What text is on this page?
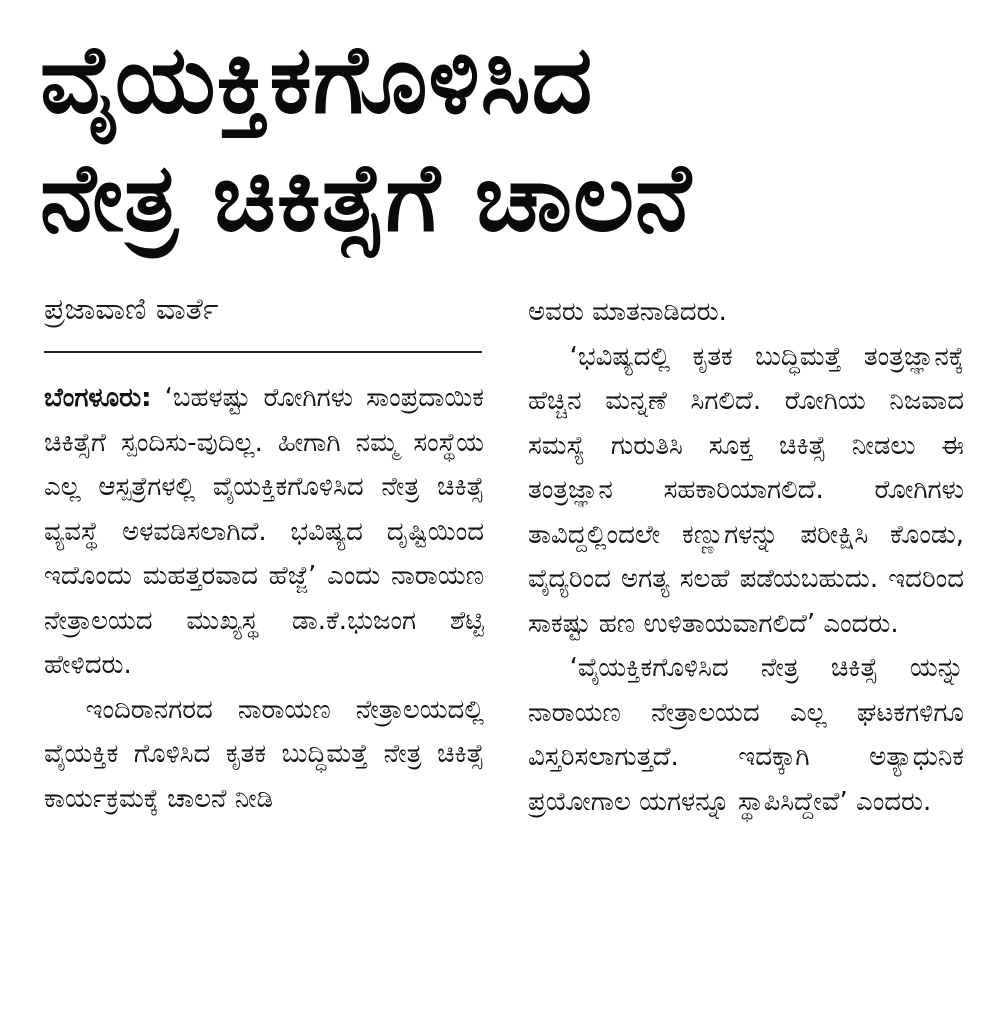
ವೈಯಕ್ತಿಕಗೊಳಿಸಿದ
ನೇತ್ರ ಚಿಕಿತ್ಸೆಗೆ ಚಾಲನೆ
ಪ್ರಜಾವಾಣಿ ವಾರ್ತೆ

ಬೆಂಗಳೂರು: ‘ಬಹಳಷ್ಟು ರೋಗಿಗಳು ಸಾಂಪ್ರದಾಯಿಕ ಚಿಕಿತ್ಸೆಗೆ ಸ್ಪಂದಿಸು-ವುದಿಲ್ಲ. ಹೀಗಾಗಿ ನಮ್ಮ ಸಂಸ್ಥೆಯ ಎಲ್ಲ ಆಸ್ಪತ್ರೆಗಳಲ್ಲಿ ವೈಯಕ್ತಿಕಗೊಳಿಸಿದ ನೇತ್ರ ಚಿಕಿತ್ಸೆ ವ್ಯವಸ್ಥೆ ಅಳವಡಿಸಲಾಗಿದೆ. ಭವಿಷ್ಯದ ದೃಷ್ಟಿಯಿಂದ ಇದೊಂದು ಮಹತ್ತರವಾದ ಹೆಜ್ಜೆ’ ಎಂದು ನಾರಾಯಣ ನೇತ್ರಾಲಯದ ಮುಖ್ಯಸ್ಥ ಡಾ.ಕೆ.ಭುಜಂಗ ಶೆಟ್ಟಿ ಹೇಳಿದರು.

ಇಂದಿರಾನಗರದ ನಾರಾಯಣ ನೇತ್ರಾಲಯದಲ್ಲಿ ವೈಯಕ್ತಿಕ ಗೊಳಿಸಿದ ಕೃತಕ ಬುದ್ಧಿಮತ್ತೆ ನೇತ್ರ ಚಿಕಿತ್ಸೆ ಕಾರ್ಯಕ್ರಮಕ್ಕೆ ಚಾಲನೆ ನೀಡಿ

ಅವರು ಮಾತನಾಡಿದರು.

‘ಭವಿಷ್ಯದಲ್ಲಿ ಕೃತಕ ಬುದ್ಧಿಮತ್ತೆ ತಂತ್ರಜ್ಞಾನಕ್ಕೆ ಹೆಚ್ಚಿನ ಮನ್ನಣೆ ಸಿಗಲಿದೆ. ರೋಗಿಯ ನಿಜವಾದ ಸಮಸ್ಯೆ ಗುರುತಿಸಿ ಸೂಕ್ತ ಚಿಕಿತ್ಸೆ ನೀಡಲು ಈ ತಂತ್ರಜ್ಞಾನ ಸಹಕಾರಿಯಾಗಲಿದೆ. ರೋಗಿಗಳು ತಾವಿದ್ದಲ್ಲಿಂದಲೇ ಕಣ್ಣುಗಳನ್ನು ಪರೀಕ್ಷಿಸಿ ಕೊಂಡು, ವೈದ್ಯರಿಂದ ಅಗತ್ಯ ಸಲಹೆ ಪಡೆಯಬಹುದು. ಇದರಿಂದ ಸಾಕಷ್ಟು ಹಣ ಉಳಿತಾಯವಾಗಲಿದೆ’ ಎಂದರು.

‘ವೈಯಕ್ತಿಕಗೊಳಿಸಿದ ನೇತ್ರ ಚಿಕಿತ್ಸೆ ಯನ್ನು ನಾರಾಯಣ ನೇತ್ರಾಲಯದ ಎಲ್ಲ ಘಟಕಗಳಿಗೂ ವಿಸ್ತರಿಸಲಾಗುತ್ತದೆ. ಇದಕ್ಕಾಗಿ ಅತ್ಯಾಧುನಿಕ ಪ್ರಯೋಗಾಲ ಯಗಳನ್ನೂ ಸ್ಥಾಪಿಸಿದ್ದೇವೆ’ ಎಂದರು.
